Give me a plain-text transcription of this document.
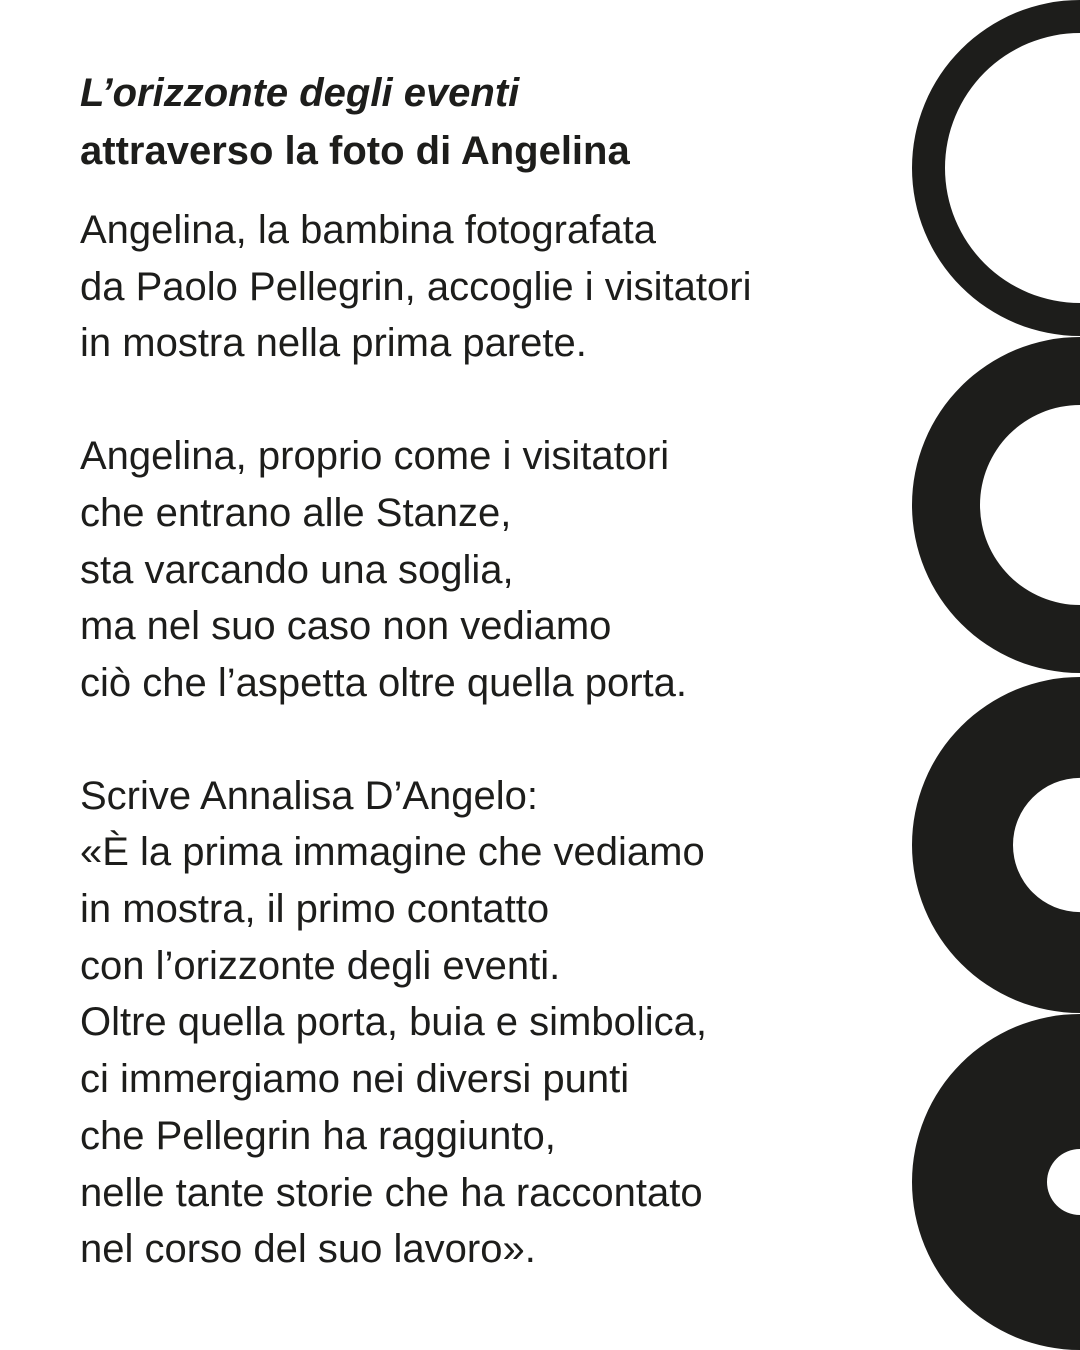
L’orizzonte degli eventi
attraverso la foto di Angelina

Angelina, la bambina fotografata
da Paolo Pellegrin, accoglie i visitatori
in mostra nella prima parete.

Angelina, proprio come i visitatori
che entrano alle Stanze,
sta varcando una soglia,
ma nel suo caso non vediamo
ciò che l’aspetta oltre quella porta.

Scrive Annalisa D’Angelo:
«È la prima immagine che vediamo
in mostra, il primo contatto
con l’orizzonte degli eventi.
Oltre quella porta, buia e simbolica,
ci immergiamo nei diversi punti
che Pellegrin ha raggiunto,
nelle tante storie che ha raccontato
nel corso del suo lavoro».
